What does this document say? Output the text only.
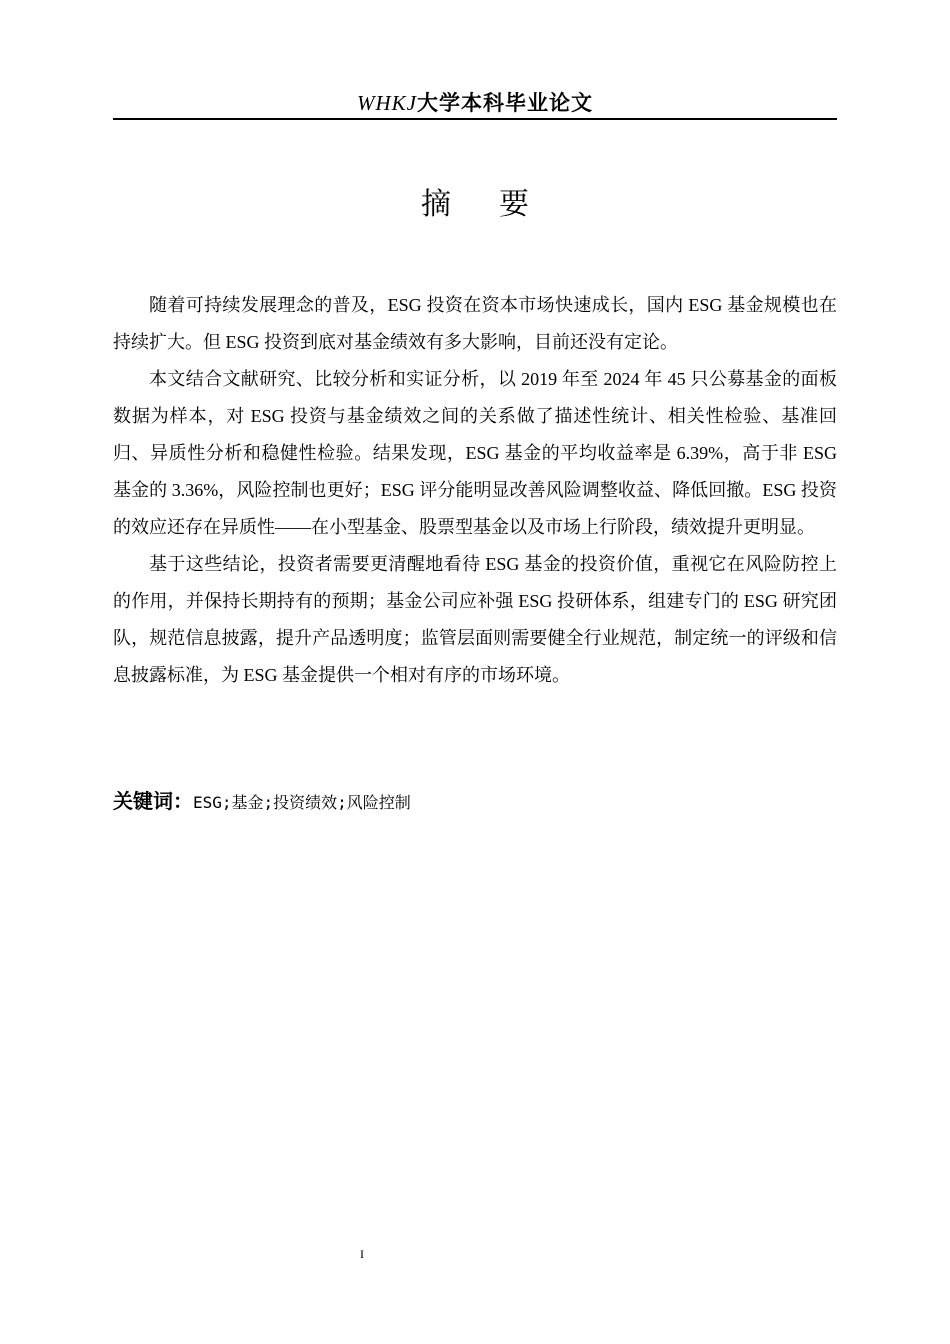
WHKJ大学本科毕业论文
摘要

随着可持续发展理念的普及，ESG 投资在资本市场快速成长，国内 ESG 基金规模也在持续扩大。但 ESG 投资到底对基金绩效有多大影响，目前还没有定论。

本文结合文献研究、比较分析和实证分析，以 2019 年至 2024 年 45 只公募基金的面板数据为样本，对 ESG 投资与基金绩效之间的关系做了描述性统计、相关性检验、基准回归、异质性分析和稳健性检验。结果发现，ESG 基金的平均收益率是 6.39%，高于非 ESG 基金的 3.36%，风险控制也更好；ESG 评分能明显改善风险调整收益、降低回撤。ESG 投资的效应还存在异质性——在小型基金、股票型基金以及市场上行阶段，绩效提升更明显。

基于这些结论，投资者需要更清醒地看待 ESG 基金的投资价值，重视它在风险防控上的作用，并保持长期持有的预期；基金公司应补强 ESG 投研体系，组建专门的 ESG 研究团队，规范信息披露，提升产品透明度；监管层面则需要健全行业规范，制定统一的评级和信息披露标准，为 ESG 基金提供一个相对有序的市场环境。

关键词：ESG;基金;投资绩效;风险控制
I
